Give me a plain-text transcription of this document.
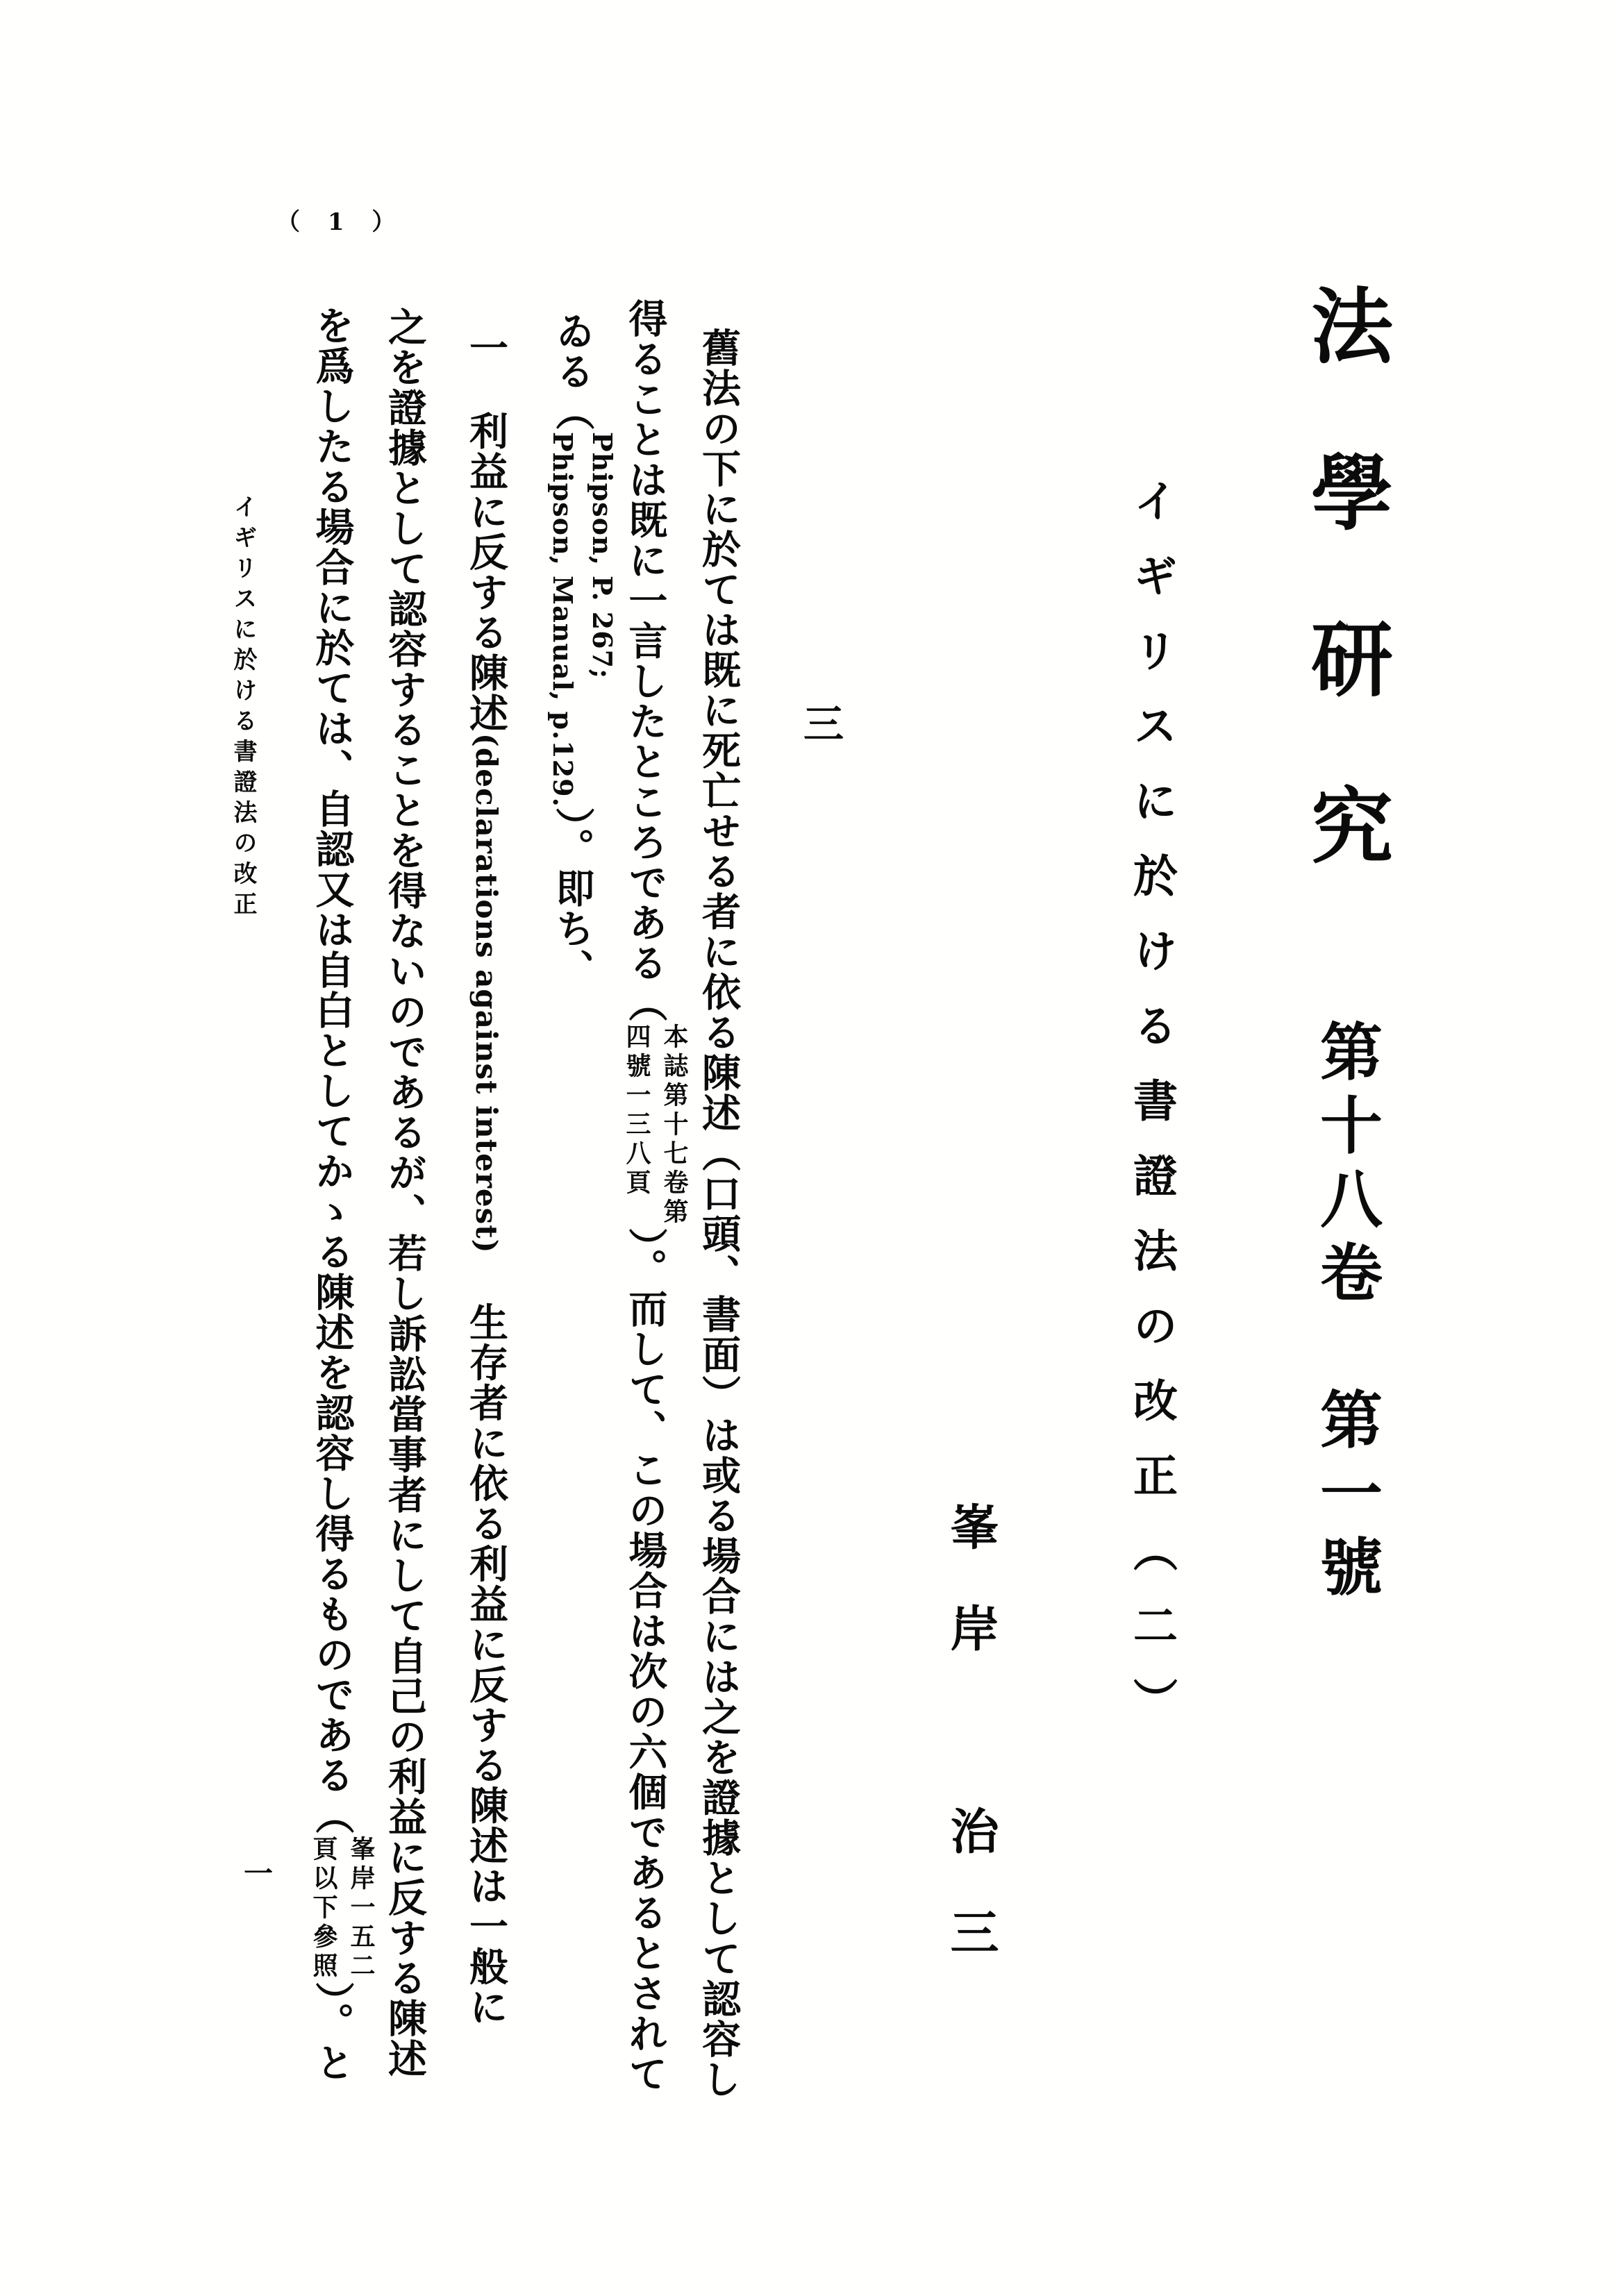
（ 1 ）
法學研究
第十八卷　第一號
イギリスに於ける書證法の改正（二）
峯岸　治三
三
舊法の下に於ては既に死亡せる者に依る陳述（口頭、書面）は或る場合には之を證據として認容し
得ることは既に一言したところである（
本誌第十七卷第
四號一三八頁
）。而して、この場合は次の六個であるとされて
ゐる（
Phipson, P. 267;
Phipson, Manual, p.129.
）。即ち、
一利益に反する陳述(declarations against interest)生存者に依る利益に反する陳述は一般に
之を證據として認容することを得ないのであるが、若し訴訟當事者にして自己の利益に反する陳述
を爲したる場合に於ては、自認又は自白としてかゝる陳述を認容し得るものである（
峯岸一五二
頁以下參照
）。と
イギリスに於ける書證法の改正
一
